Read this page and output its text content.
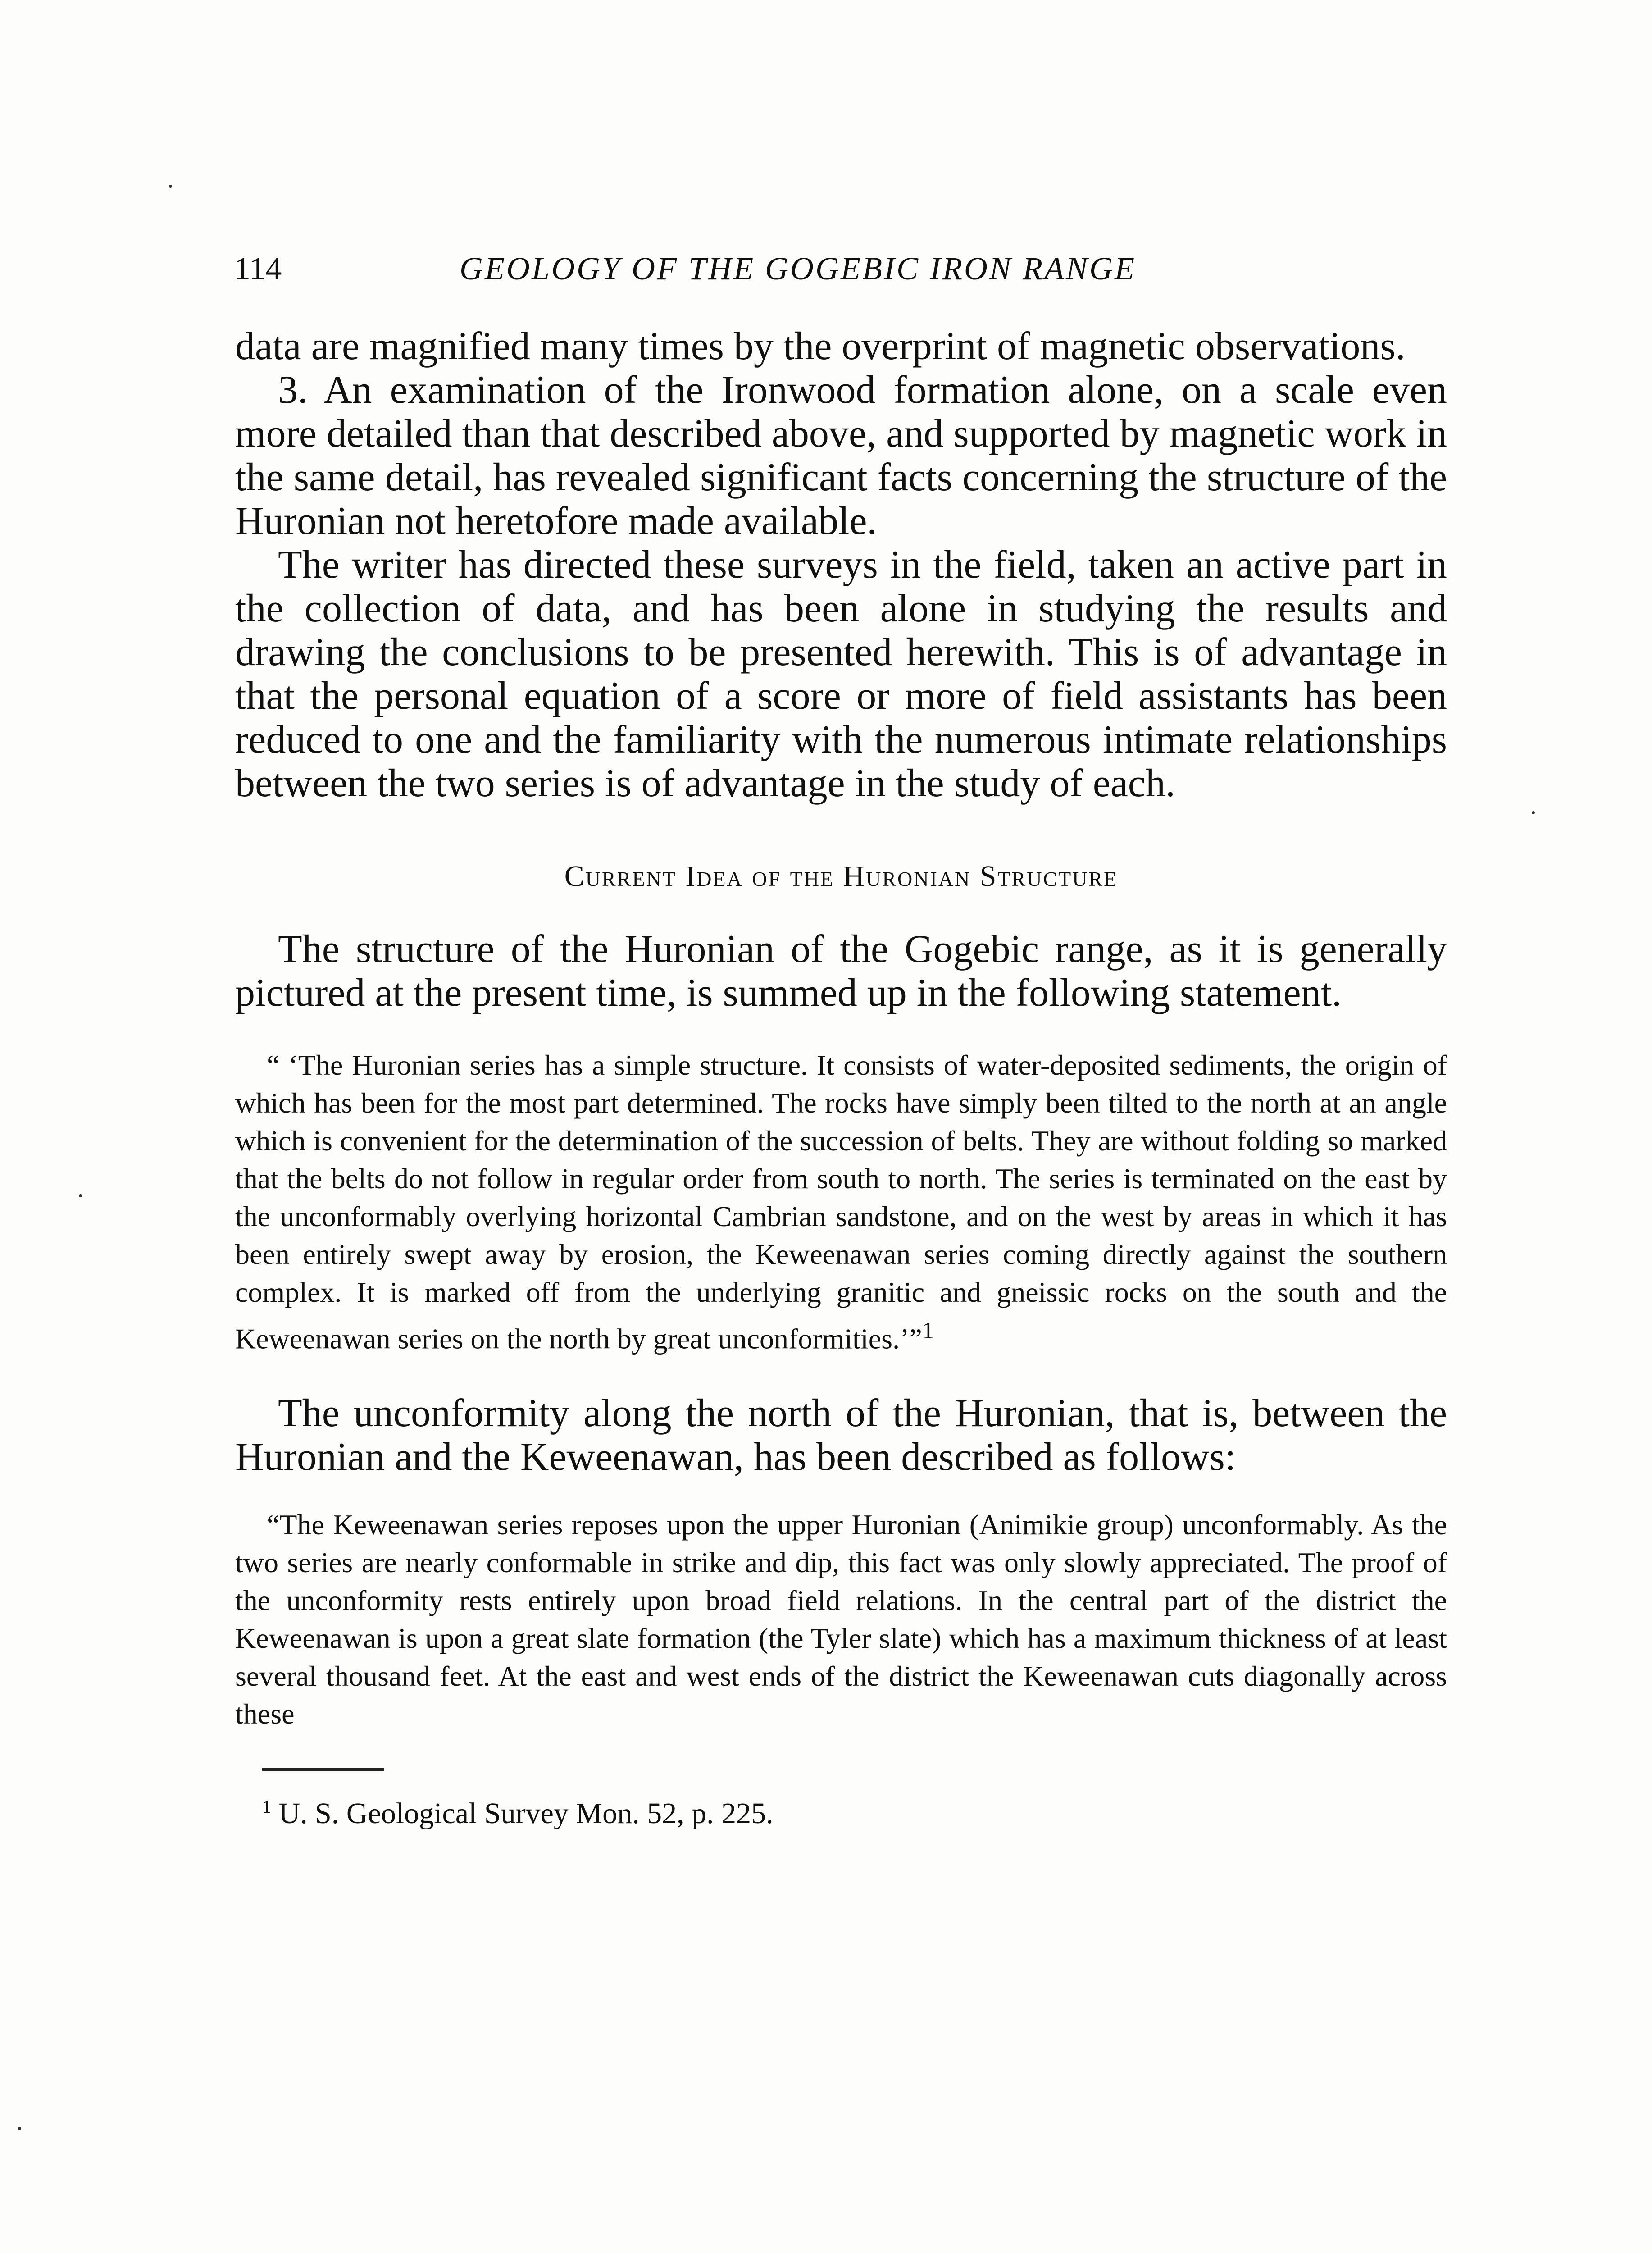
114	GEOLOGY OF THE GOGEBIC IRON RANGE

data are magnified many times by the overprint of magnetic observations.

3. An examination of the Ironwood formation alone, on a scale even more detailed than that described above, and supported by magnetic work in the same detail, has revealed significant facts concerning the structure of the Huronian not heretofore made available.

The writer has directed these surveys in the field, taken an active part in the collection of data, and has been alone in studying the results and drawing the conclusions to be presented herewith. This is of advantage in that the personal equation of a score or more of field assistants has been reduced to one and the familiarity with the numerous intimate relationships between the two series is of advantage in the study of each.

Current Idea of the Huronian Structure

The structure of the Huronian of the Gogebic range, as it is generally pictured at the present time, is summed up in the following statement.

“ ‘The Huronian series has a simple structure. It consists of water-deposited sediments, the origin of which has been for the most part determined. The rocks have simply been tilted to the north at an angle which is convenient for the determination of the succession of belts. They are without folding so marked that the belts do not follow in regular order from south to north. The series is terminated on the east by the unconformably overlying horizontal Cambrian sandstone, and on the west by areas in which it has been entirely swept away by erosion, the Keweenawan series coming directly against the southern complex. It is marked off from the underlying granitic and gneissic rocks on the south and the Keweenawan series on the north by great unconformities.’”$^1$

The unconformity along the north of the Huronian, that is, between the Huronian and the Keweenawan, has been described as follows:

“The Keweenawan series reposes upon the upper Huronian (Animikie group) unconformably. As the two series are nearly conformable in strike and dip, this fact was only slowly appreciated. The proof of the unconformity rests entirely upon broad field relations. In the central part of the district the Keweenawan is upon a great slate formation (the Tyler slate) which has a maximum thickness of at least several thousand feet. At the east and west ends of the district the Keweenawan cuts diagonally across these

$^1$ U. S. Geological Survey Mon. 52, p. 225.
